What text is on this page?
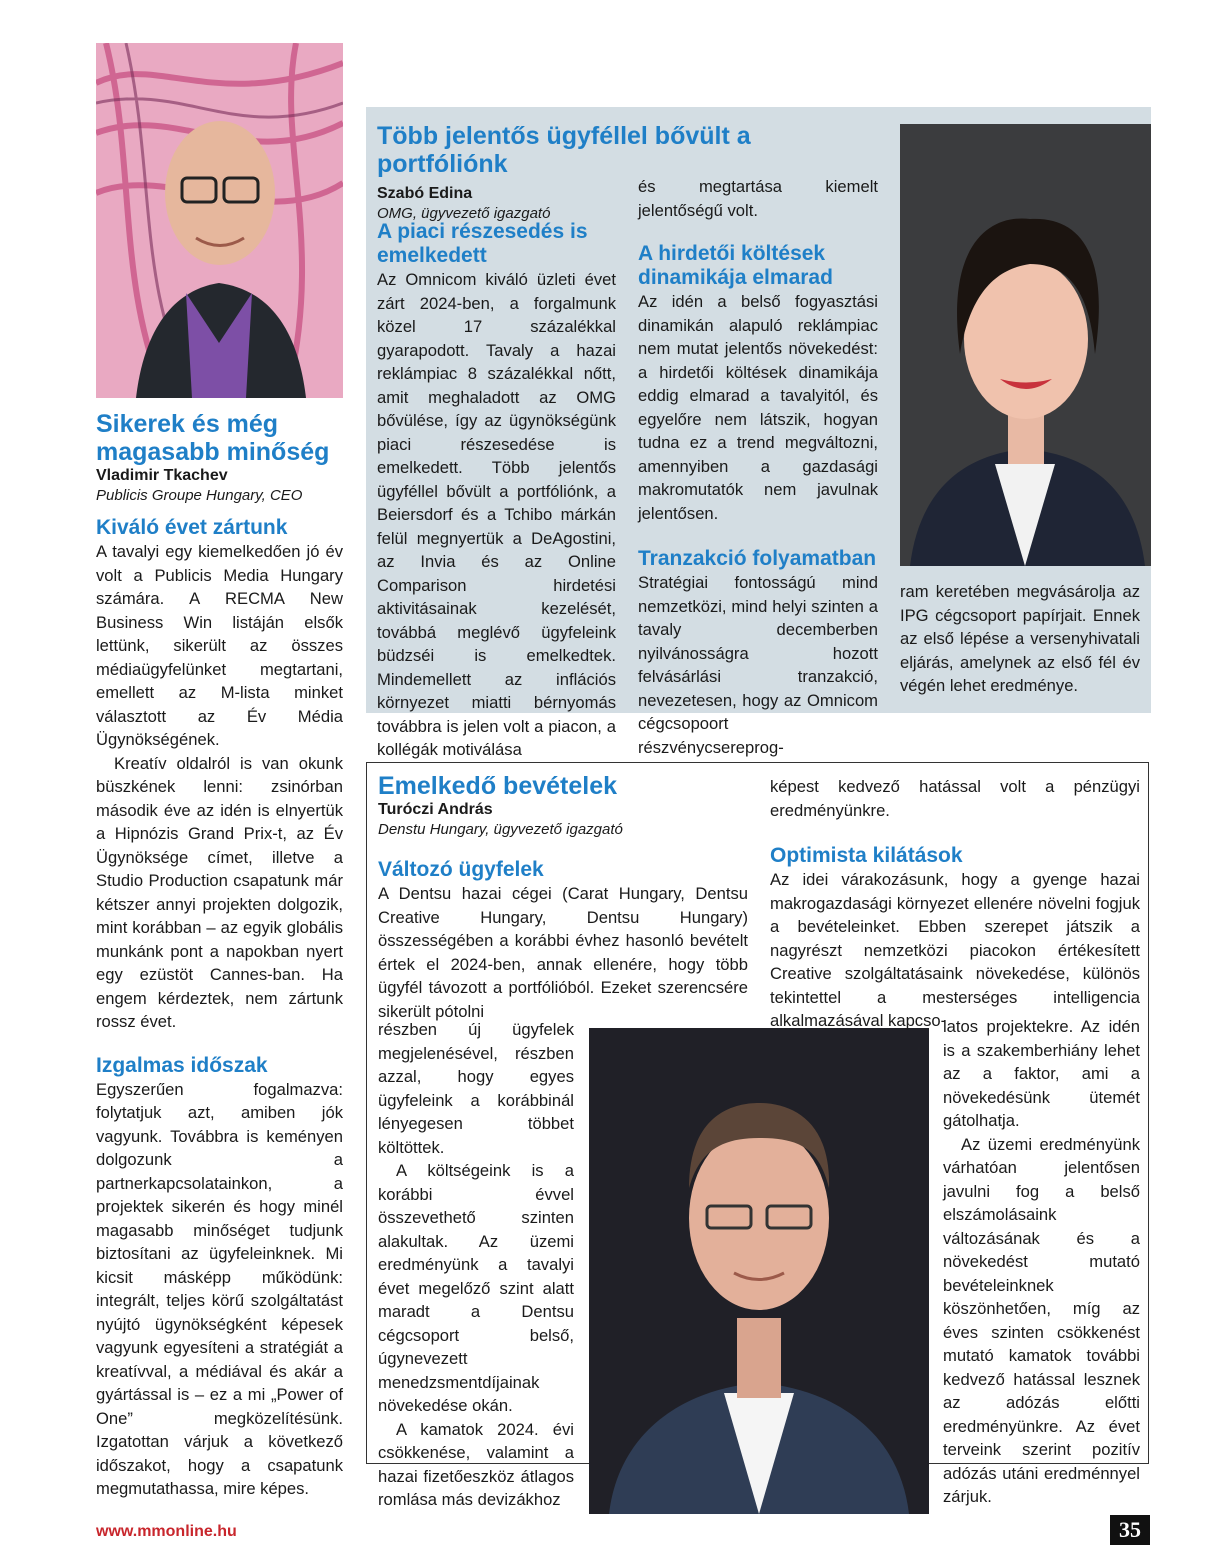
Sikerek és még magasabb minőség

Vladimir Tkachev

Publicis Groupe Hungary, CEO

Kiváló évet zártunk

A tavalyi egy kiemelkedően jó év volt a Publicis Media Hungary számára. A RECMA New Business Win listáján elsők lettünk, sikerült az összes médiaügyfelünket megtartani, emellett az M-lista minket választott az Év Média Ügynökségének.

Kreatív oldalról is van okunk büszkének lenni: zsinórban második éve az idén is elnyertük a Hipnózis Grand Prix-t, az Év Ügynöksége címet, illetve a Studio Production csapatunk már kétszer annyi projekten dolgozik, mint korábban – az egyik globális munkánk pont a napokban nyert egy ezüstöt Cannes-ban. Ha engem kérdeztek, nem zártunk rossz évet.

Izgalmas időszak

Egyszerűen fogalmazva: folytatjuk azt, amiben jók vagyunk. Továbbra is keményen dolgozunk a partnerkapcsolatainkon, a projektek sikerén és hogy minél magasabb minőséget tudjunk biztosítani az ügyfeleinknek. Mi kicsit másképp működünk: integrált, teljes körű szolgáltatást nyújtó ügynökségként képesek vagyunk egyesíteni a stratégiát a kreatívval, a médiával és akár a gyártással is – ez a mi „Power of One” megközelítésünk. Izgatottan várjuk a következő időszakot, hogy a csapatunk megmutathassa, mire képes.

Több jelentős ügyféllel bővült a portfóliónk

Szabó Edina

OMG, ügyvezető igazgató

A piaci részesedés is emelkedett

Az Omnicom kiváló üzleti évet zárt 2024-ben, a forgalmunk közel 17 százalékkal gyarapodott. Tavaly a hazai reklámpiac 8 százalékkal nőtt, amit meghaladott az OMG bővülése, így az ügynökségünk piaci részesedése is emelkedett. Több jelentős ügyféllel bővült a portfóliónk, a Beiersdorf és a Tchibo márkán felül megnyertük a DeAgostini, az Invia és az Online Comparison hirdetési aktivitásainak kezelését, továbbá meglévő ügyfeleink büdzséi is emelkedtek. Mindemellett az inflációs környezet miatti bérnyomás továbbra is jelen volt a piacon, a kollégák motiválása

és megtartása kiemelt jelentőségű volt.

A hirdetői költések dinamikája elmarad

Az idén a belső fogyasztási dinamikán alapuló reklámpiac nem mutat jelentős növekedést: a hirdetői költések dinamikája eddig elmarad a tavalyitól, és egyelőre nem látszik, hogyan tudna ez a trend megváltozni, amennyiben a gazdasági makromutatók nem javulnak jelentősen.

Tranzakció folyamatban

Stratégiai fontosságú mind nemzetközi, mind helyi szinten a tavaly decemberben nyilvánosságra hozott felvásárlási tranzakció, nevezetesen, hogy az Omnicom cégcsopoort részvénycsereprog-

ram keretében megvásárolja az IPG cégcsoport papírjait. Ennek az első lépése a versenyhivatali eljárás, amelynek az első fél év végén lehet eredménye.

Emelkedő bevételek

Turóczi András

Denstu Hungary, ügyvezető igazgató

Változó ügyfelek

A Dentsu hazai cégei (Carat Hungary, Dentsu Creative Hungary, Dentsu Hungary) összességében a korábbi évhez hasonló bevételt értek el 2024-ben, annak ellenére, hogy több ügyfél távozott a portfólióból. Ezeket szerencsére sikerült pótolni

részben új ügyfelek megjelenésével, részben azzal, hogy egyes ügyfeleink a korábbinál lényegesen többet költöttek.

A költségeink is a korábbi évvel összevethető szinten alakultak. Az üzemi eredményünk a tavalyi évet megelőző szint alatt maradt a Dentsu cégcsoport belső, úgynevezett menedzsmentdíjainak növekedése okán.

A kamatok 2024. évi csökkenése, valamint a hazai fizetőeszköz átlagos romlása más devizákhoz

képest kedvező hatással volt a pénzügyi eredményünkre.

Optimista kilátások

Az idei várakozásunk, hogy a gyenge hazai makrogazdasági környezet ellenére növelni fogjuk a bevételeinket. Ebben szerepet játszik a nagyrészt nemzetközi piacokon értékesített Creative szolgáltatásaink növekedése, különös tekintettel a mesterséges intelligencia alkalmazásával kapcso-

latos projektekre. Az idén is a szakemberhiány lehet az a faktor, ami a növekedésünk ütemét gátolhatja.

Az üzemi eredményünk várhatóan jelentősen javulni fog a belső elszámolásaink változásának és a növekedést mutató bevételeinknek köszönhetően, míg az éves szinten csökkenést mutató kamatok további kedvező hatással lesznek az adózás előtti eredményünkre. Az évet terveink szerint pozitív adózás utáni eredménnyel zárjuk.

www.mmonline.hu	35
